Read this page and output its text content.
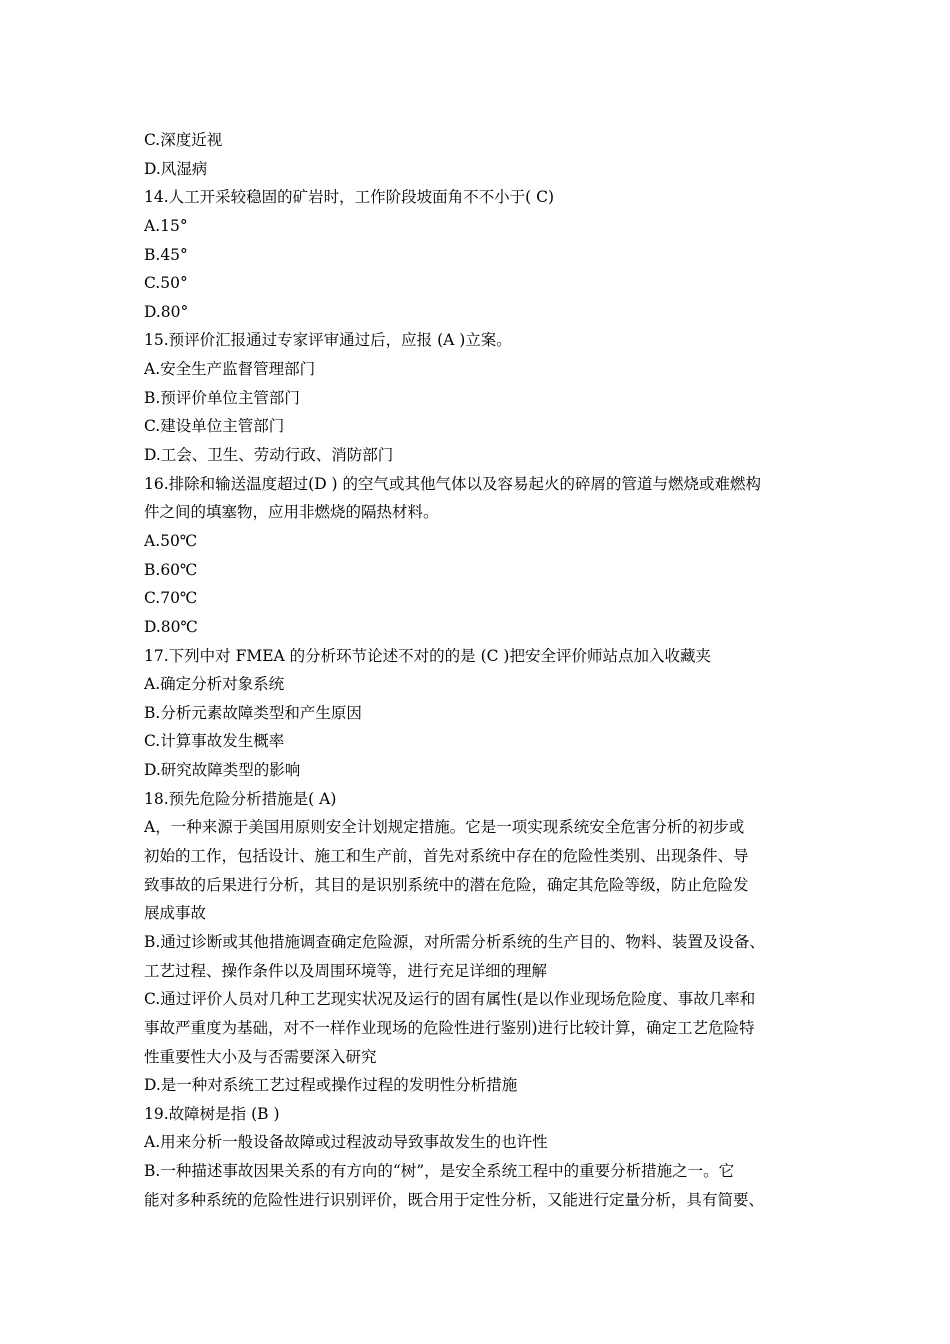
C.深度近视
D.风湿病
14.人工开采较稳固的矿岩时，工作阶段坡面角不不小于( C)
A.15°
B.45°
C.50°
D.80°
15.预评价汇报通过专家评审通过后，应报 (A )立案。
A.安全生产监督管理部门
B.预评价单位主管部门
C.建设单位主管部门
D.工会、卫生、劳动行政、消防部门
16.排除和输送温度超过(D ) 的空气或其他气体以及容易起火的碎屑的管道与燃烧或难燃构
件之间的填塞物，应用非燃烧的隔热材料。
A.50℃
B.60℃
C.70℃
D.80℃
17.下列中对 FMEA 的分析环节论述不对的的是 (C )把安全评价师站点加入收藏夹
A.确定分析对象系统
B.分析元素故障类型和产生原因
C.计算事故发生概率
D.研究故障类型的影响
18.预先危险分析措施是( A)
A，一种来源于美国用原则安全计划规定措施。它是一项实现系统安全危害分析的初步或
初始的工作，包括设计、施工和生产前，首先对系统中存在的危险性类别、出现条件、导
致事故的后果进行分析，其目的是识别系统中的潜在危险，确定其危险等级，防止危险发
展成事故
B.通过诊断或其他措施调查确定危险源，对所需分析系统的生产目的、物料、装置及设备、
工艺过程、操作条件以及周围环境等，进行充足详细的理解
C.通过评价人员对几种工艺现实状况及运行的固有属性(是以作业现场危险度、事故几率和
事故严重度为基础，对不一样作业现场的危险性进行鉴别)进行比较计算，确定工艺危险特
性重要性大小及与否需要深入研究
D.是一种对系统工艺过程或操作过程的发明性分析措施
19.故障树是指 (B )
A.用来分析一般设备故障或过程波动导致事故发生的也许性
B.一种描述事故因果关系的有方向的“树”，是安全系统工程中的重要分析措施之一。它
能对多种系统的危险性进行识别评价，既合用于定性分析，又能进行定量分析，具有简要、
